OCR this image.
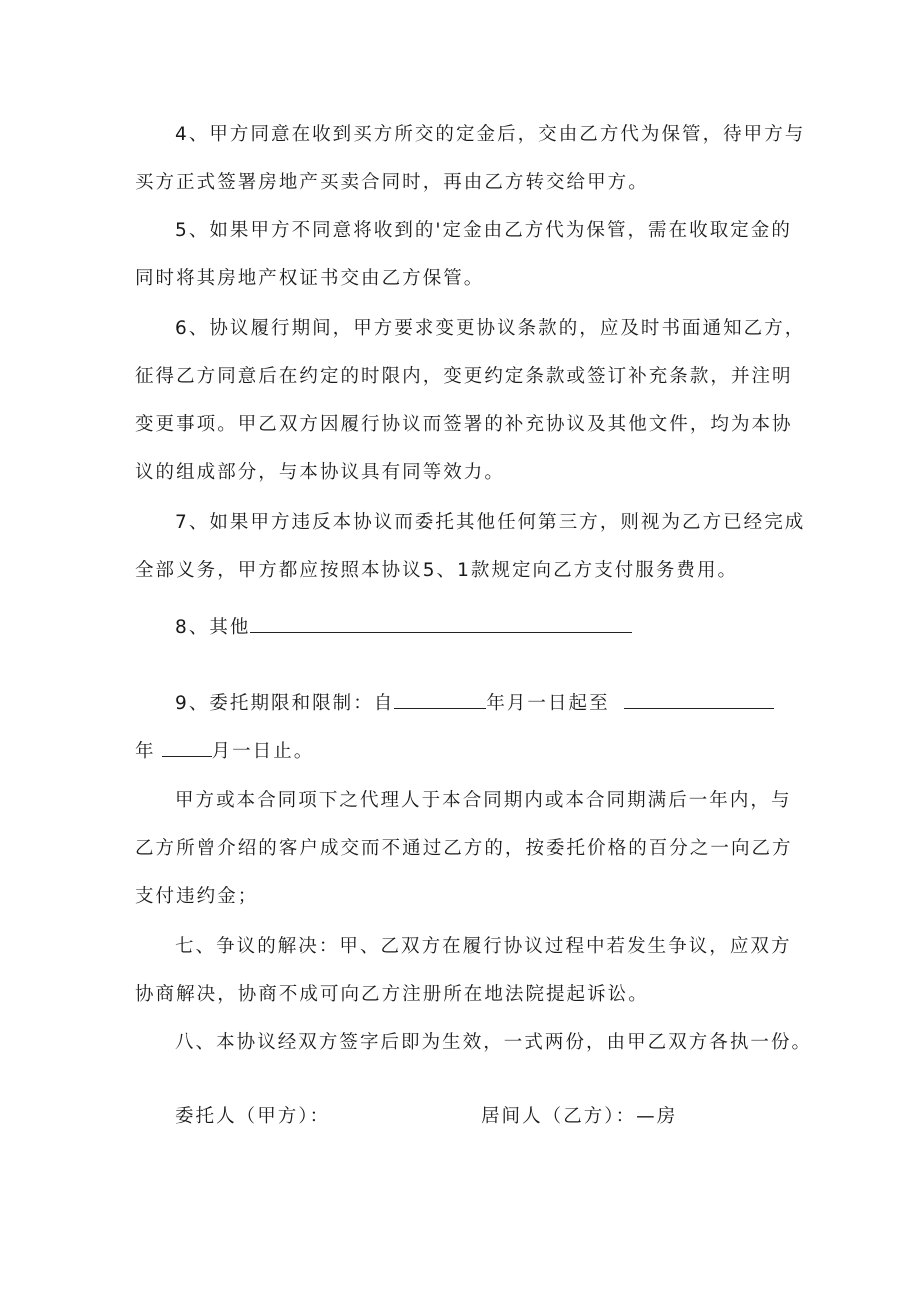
4、甲方同意在收到买方所交的定金后，交由乙方代为保管，待甲方与
买方正式签署房地产买卖合同时，再由乙方转交给甲方。
5、如果甲方不同意将收到的'定金由乙方代为保管，需在收取定金的
同时将其房地产权证书交由乙方保管。
6、协议履行期间，甲方要求变更协议条款的，应及时书面通知乙方，
征得乙方同意后在约定的时限内，变更约定条款或签订补充条款，并注明
变更事项。甲乙双方因履行协议而签署的补充协议及其他文件，均为本协
议的组成部分，与本协议具有同等效力。
7、如果甲方违反本协议而委托其他任何第三方，则视为乙方已经完成
全部义务，甲方都应按照本协议5、1款规定向乙方支付服务费用。
8、其他
9、委托期限和限制：自	年月一日起至
年	月一日止。
甲方或本合同项下之代理人于本合同期内或本合同期满后一年内，与
乙方所曾介绍的客户成交而不通过乙方的，按委托价格的百分之一向乙方
支付违约金；
七、争议的解决：甲、乙双方在履行协议过程中若发生争议，应双方
协商解决，协商不成可向乙方注册所在地法院提起诉讼。
八、本协议经双方签字后即为生效，一式两份，由甲乙双方各执一份。
委托人（甲方）：	居间人（乙方）：—房
